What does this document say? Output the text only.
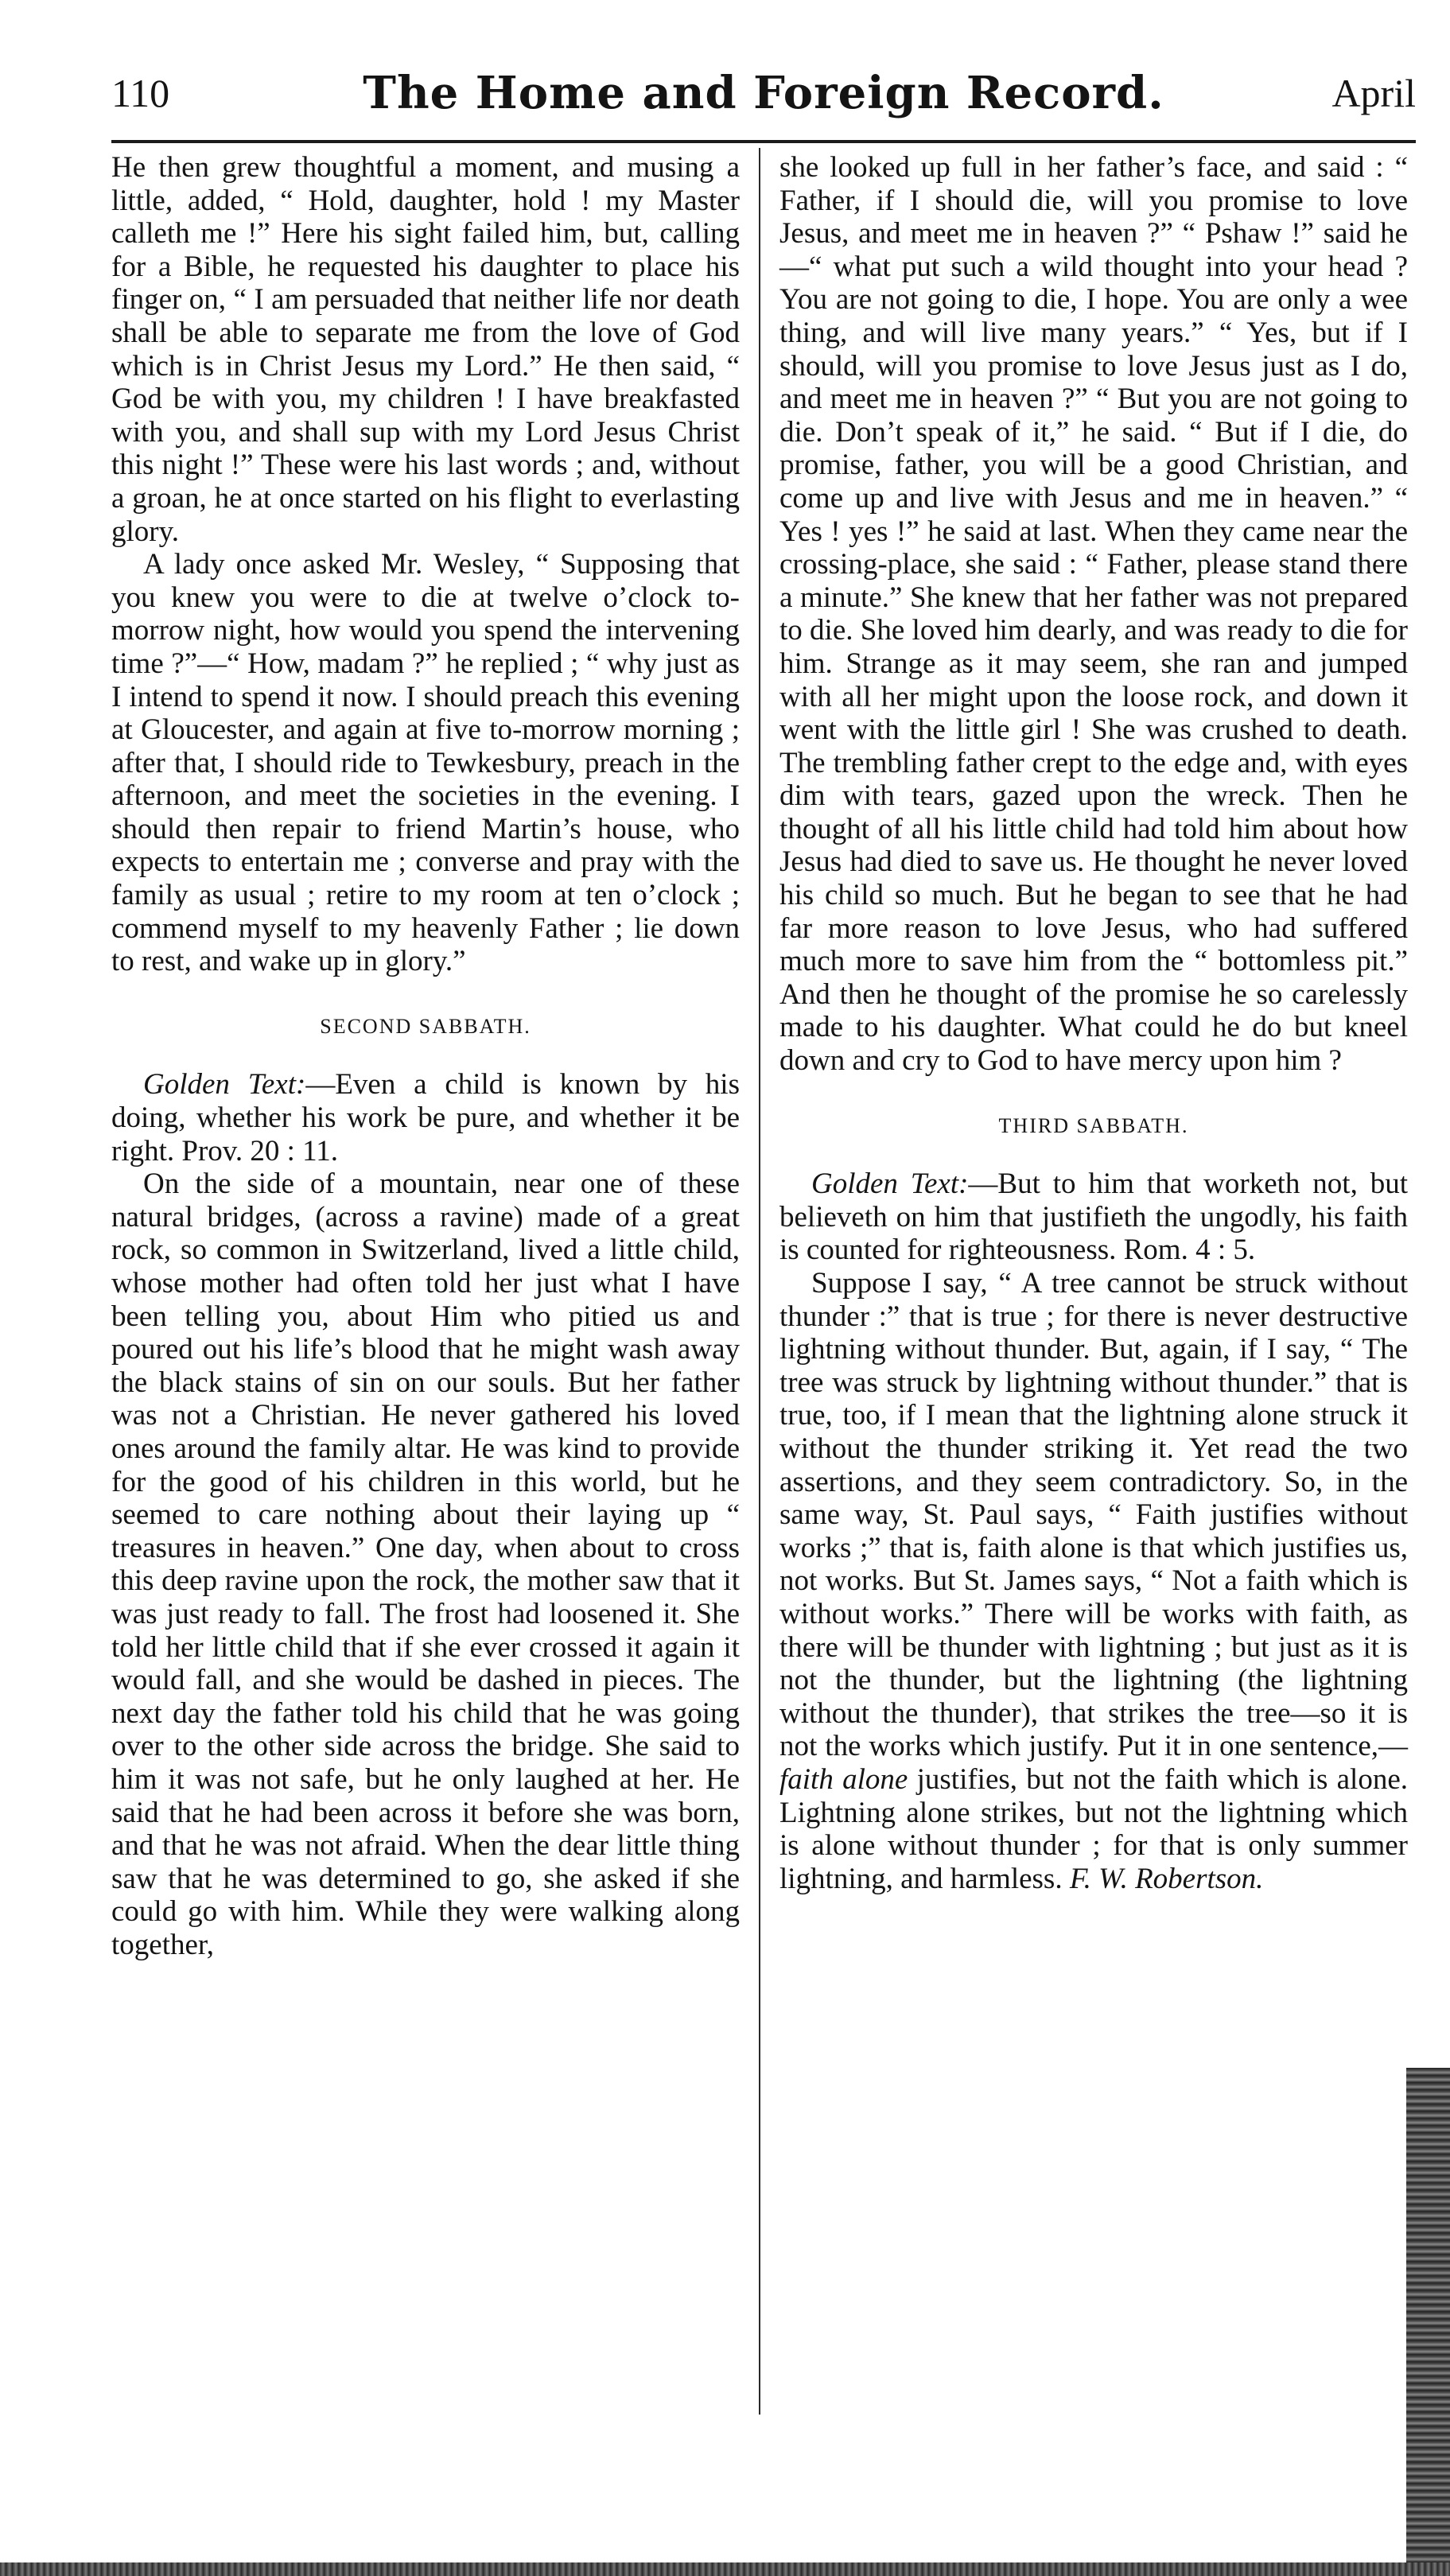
110	The Home and Foreign Record.	April

He then grew thoughtful a moment, and musing a little, added, “ Hold, daughter, hold ! my Master calleth me !” Here his sight failed him, but, calling for a Bible, he requested his daughter to place his finger on, “ I am persuaded that neither life nor death shall be able to separate me from the love of God which is in Christ Jesus my Lord.” He then said, “ God be with you, my children ! I have breakfasted with you, and shall sup with my Lord Jesus Christ this night !” These were his last words ; and, without a groan, he at once started on his flight to everlasting glory.

A lady once asked Mr. Wesley, “ Supposing that you knew you were to die at twelve o’clock to-morrow night, how would you spend the intervening time ?”—“ How, madam ?” he replied ; “ why just as I intend to spend it now. I should preach this evening at Gloucester, and again at five to-morrow morning ; after that, I should ride to Tewkesbury, preach in the afternoon, and meet the societies in the evening. I should then repair to friend Martin’s house, who expects to entertain me ; converse and pray with the family as usual ; retire to my room at ten o’clock ; commend myself to my heavenly Father ; lie down to rest, and wake up in glory.”

SECOND SABBATH.

Golden Text:—Even a child is known by his doing, whether his work be pure, and whether it be right. Prov. 20 : 11.

On the side of a mountain, near one of these natural bridges, (across a ravine) made of a great rock, so common in Switzerland, lived a little child, whose mother had often told her just what I have been telling you, about Him who pitied us and poured out his life’s blood that he might wash away the black stains of sin on our souls. But her father was not a Christian. He never gathered his loved ones around the family altar. He was kind to provide for the good of his children in this world, but he seemed to care nothing about their laying up “ treasures in heaven.” One day, when about to cross this deep ravine upon the rock, the mother saw that it was just ready to fall. The frost had loosened it. She told her little child that if she ever crossed it again it would fall, and she would be dashed in pieces. The next day the father told his child that he was going over to the other side across the bridge. She said to him it was not safe, but he only laughed at her. He said that he had been across it before she was born, and that he was not afraid. When the dear little thing saw that he was determined to go, she asked if she could go with him. While they were walking along together,

she looked up full in her father’s face, and said : “ Father, if I should die, will you promise to love Jesus, and meet me in heaven ?” “ Pshaw !” said he—“ what put such a wild thought into your head ? You are not going to die, I hope. You are only a wee thing, and will live many years.” “ Yes, but if I should, will you promise to love Jesus just as I do, and meet me in heaven ?” “ But you are not going to die. Don’t speak of it,” he said. “ But if I die, do promise, father, you will be a good Christian, and come up and live with Jesus and me in heaven.” “ Yes ! yes !” he said at last. When they came near the crossing-place, she said : “ Father, please stand there a minute.” She knew that her father was not prepared to die. She loved him dearly, and was ready to die for him. Strange as it may seem, she ran and jumped with all her might upon the loose rock, and down it went with the little girl ! She was crushed to death. The trembling father crept to the edge and, with eyes dim with tears, gazed upon the wreck. Then he thought of all his little child had told him about how Jesus had died to save us. He thought he never loved his child so much. But he began to see that he had far more reason to love Jesus, who had suffered much more to save him from the “ bottomless pit.” And then he thought of the promise he so carelessly made to his daughter. What could he do but kneel down and cry to God to have mercy upon him ?

THIRD SABBATH.

Golden Text:—But to him that worketh not, but believeth on him that justifieth the ungodly, his faith is counted for righteousness. Rom. 4 : 5.

Suppose I say, “ A tree cannot be struck without thunder :” that is true ; for there is never destructive lightning without thunder. But, again, if I say, “ The tree was struck by lightning without thunder.” that is true, too, if I mean that the lightning alone struck it without the thunder striking it. Yet read the two assertions, and they seem contradictory. So, in the same way, St. Paul says, “ Faith justifies without works ;” that is, faith alone is that which justifies us, not works. But St. James says, “ Not a faith which is without works.” There will be works with faith, as there will be thunder with lightning ; but just as it is not the thunder, but the lightning (the lightning without the thunder), that strikes the tree—so it is not the works which justify. Put it in one sentence,—faith alone justifies, but not the faith which is alone. Lightning alone strikes, but not the lightning which is alone without thunder ; for that is only summer lightning, and harmless. F. W. Robertson.
